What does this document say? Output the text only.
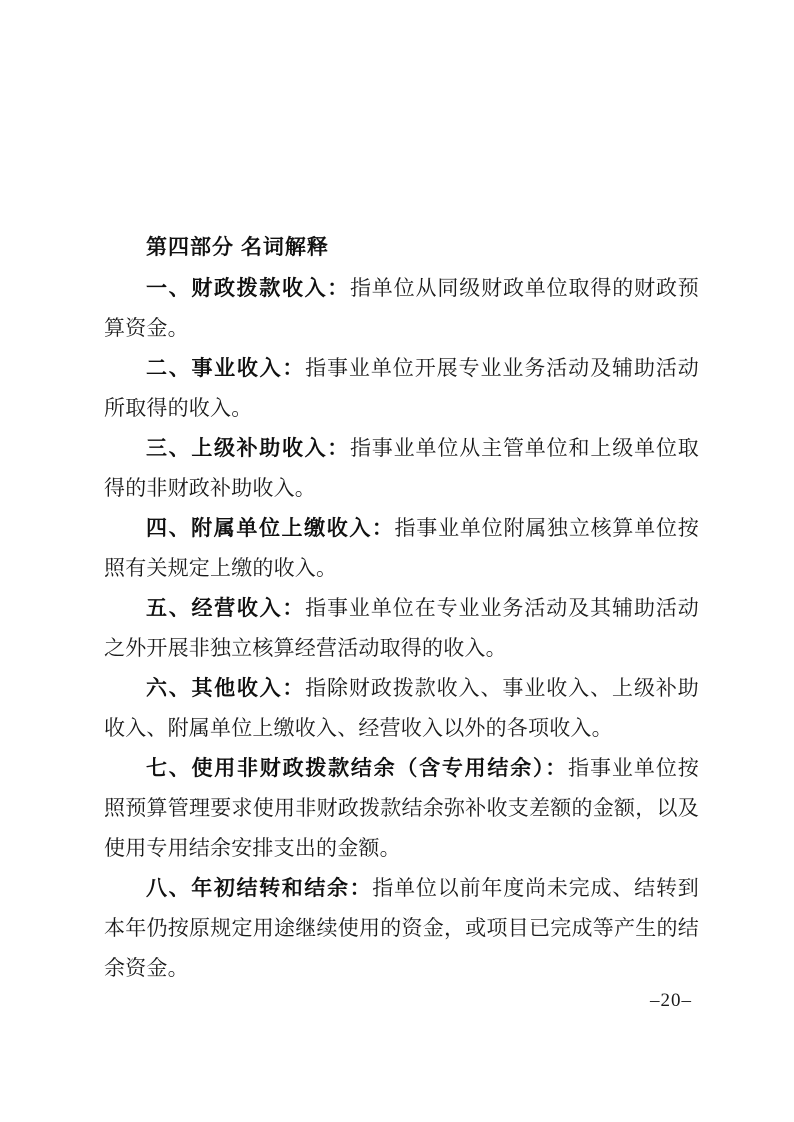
第四部分 名词解释

一、财政拨款收入：指单位从同级财政单位取得的财政预算资金。

二、事业收入：指事业单位开展专业业务活动及辅助活动所取得的收入。

三、上级补助收入：指事业单位从主管单位和上级单位取得的非财政补助收入。

四、附属单位上缴收入：指事业单位附属独立核算单位按照有关规定上缴的收入。

五、经营收入：指事业单位在专业业务活动及其辅助活动之外开展非独立核算经营活动取得的收入。

六、其他收入：指除财政拨款收入、事业收入、上级补助收入、附属单位上缴收入、经营收入以外的各项收入。

七、使用非财政拨款结余（含专用结余）：指事业单位按照预算管理要求使用非财政拨款结余弥补收支差额的金额，以及使用专用结余安排支出的金额。

八、年初结转和结余：指单位以前年度尚未完成、结转到本年仍按原规定用途继续使用的资金，或项目已完成等产生的结余资金。

–20–
